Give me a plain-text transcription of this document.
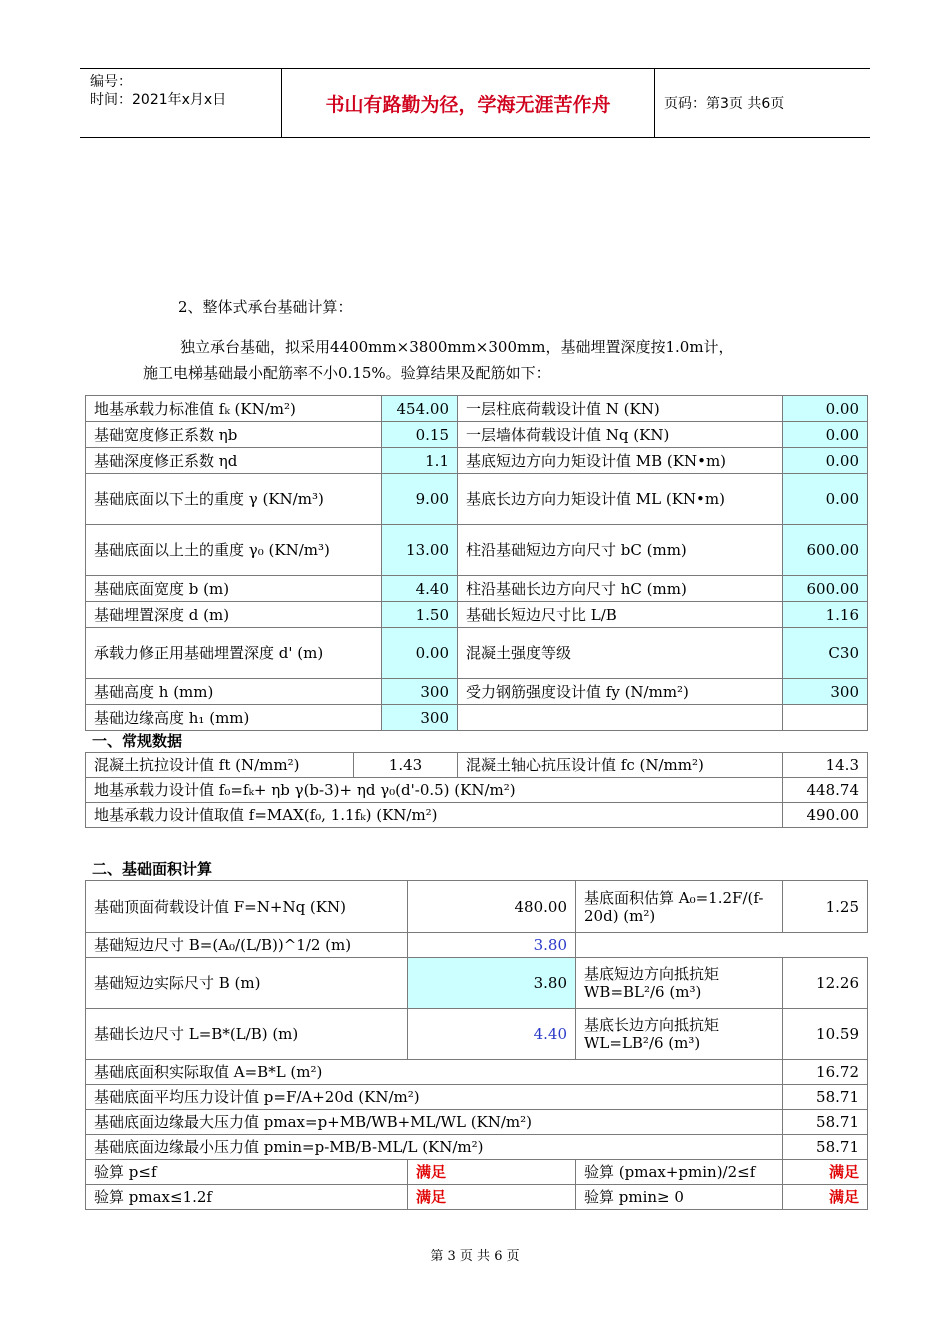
编号：
时间：2021年x月x日	书山有路勤为径，学海无涯苦作舟	页码：第3页 共6页
2、整体式承台基础计算：
独立承台基础，拟采用4400mm×3800mm×300mm，基础埋置深度按1.0m计，
施工电梯基础最小配筋率不小0.15%。验算结果及配筋如下：
地基承载力标准值 fₖ (KN/m²)	454.00	一层柱底荷载设计值 N (KN)	0.00
基础宽度修正系数 ηb	0.15	一层墙体荷载设计值 Nq (KN)	0.00
基础深度修正系数 ηd	1.1	基底短边方向力矩设计值 MB (KN•m)	0.00
基础底面以下土的重度 γ (KN/m³)	9.00	基底长边方向力矩设计值 ML (KN•m)	0.00
基础底面以上土的重度 γ₀ (KN/m³)	13.00	柱沿基础短边方向尺寸 bC (mm)	600.00
基础底面宽度 b (m)	4.40	柱沿基础长边方向尺寸 hC (mm)	600.00
基础埋置深度 d (m)	1.50	基础长短边尺寸比 L/B	1.16
承载力修正用基础埋置深度 d' (m)	0.00	混凝土强度等级	C30
基础高度 h (mm)	300	受力钢筋强度设计值 fy (N/mm²)	300
基础边缘高度 h₁ (mm)	300		
一、常规数据
混凝土抗拉设计值 ft (N/mm²)	1.43	混凝土轴心抗压设计值 fc (N/mm²)	14.3
地基承载力设计值 f₀=fₖ+ ηb γ(b-3)+ ηd γ₀(d'-0.5) (KN/m²)			448.74
地基承载力设计值取值 f=MAX(f₀, 1.1fₖ) (KN/m²)			490.00
二、基础面积计算
基础顶面荷载设计值 F=N+Nq (KN)	480.00	基底面积估算 A₀=1.2F/(f-20d) (m²)	1.25
基础短边尺寸 B=(A₀/(L/B))^1/2 (m)	3.80		
基础短边实际尺寸 B (m)	3.80	基底短边方向抵抗矩 WB=BL²/6 (m³)	12.26
基础长边尺寸 L=B*(L/B) (m)	4.40	基底长边方向抵抗矩 WL=LB²/6 (m³)	10.59
基础底面积实际取值 A=B*L (m²)			16.72
基础底面平均压力设计值 p=F/A+20d (KN/m²)			58.71
基础底面边缘最大压力值 pmax=p+MB/WB+ML/WL (KN/m²)			58.71
基础底面边缘最小压力值 pmin=p-MB/B-ML/L (KN/m²)			58.71
验算 p≤f	满足	验算 (pmax+pmin)/2≤f	满足
验算 pmax≤1.2f	满足	验算 pmin≥ 0	满足
第 3 页 共 6 页
